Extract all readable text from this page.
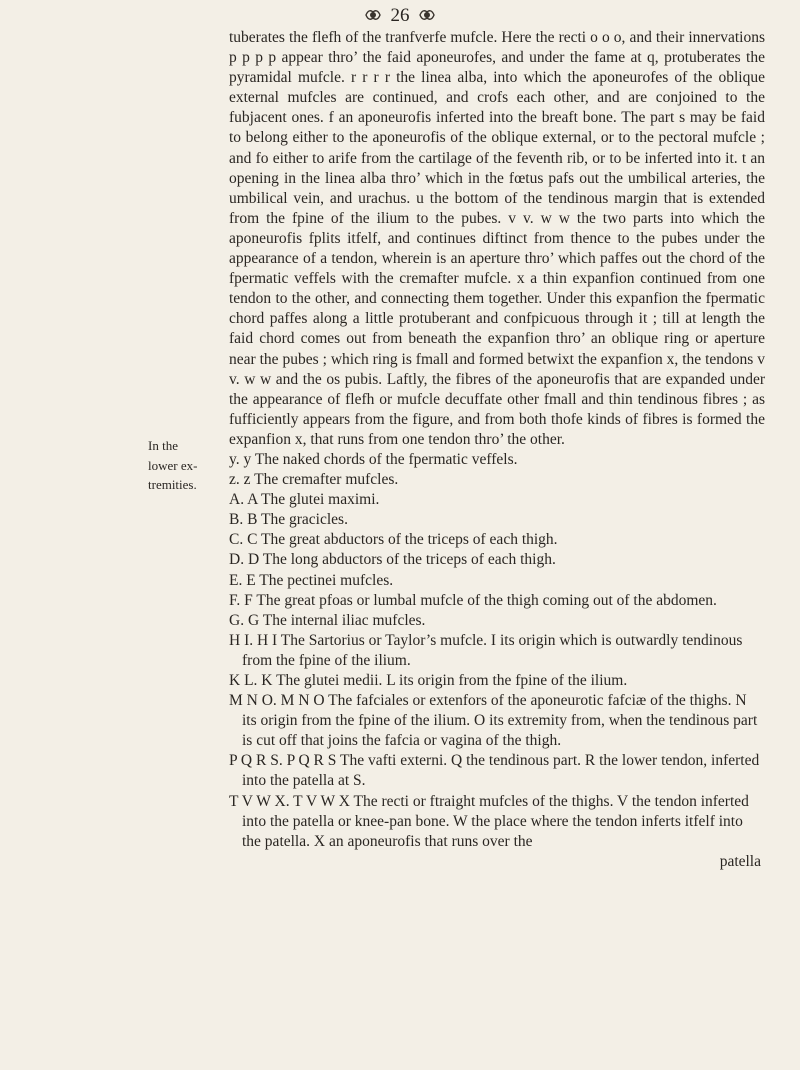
26
In the
lower ex-
tremities.
tuberates the flefh of the tranfverfe mufcle. Here the recti o o o, and their innervations p p p p appear thro’ the faid aponeurofes, and under the fame at q, protuberates the pyramidal mufcle. r r r r the linea alba, into which the aponeurofes of the oblique external mufcles are continued, and crofs each other, and are conjoined to the fubjacent ones. f an aponeurofis inferted into the breaft bone. The part s may be faid to belong either to the aponeurofis of the oblique external, or to the pectoral mufcle ; and fo either to arife from the cartilage of the feventh rib, or to be inferted into it. t an opening in the linea alba thro’ which in the fœtus pafs out the umbilical arteries, the umbilical vein, and urachus. u the bottom of the tendinous margin that is extended from the fpine of the ilium to the pubes. v v. w w the two parts into which the aponeurofis fplits itfelf, and continues diftinct from thence to the pubes under the appearance of a tendon, wherein is an aperture thro’ which paffes out the chord of the fpermatic veffels with the cremafter mufcle. x a thin expanfion continued from one tendon to the other, and connecting them together. Under this expanfion the fpermatic chord paffes along a little protuberant and confpicuous through it ; till at length the faid chord comes out from beneath the expanfion thro’ an oblique ring or aperture near the pubes ; which ring is fmall and formed betwixt the expanfion x, the tendons v v. w w and the os pubis. Laftly, the fibres of the aponeurofis that are expanded under the appearance of flefh or mufcle decuffate other fmall and thin tendinous fibres ; as fufficiently appears from the figure, and from both thofe kinds of fibres is formed the expanfion x, that runs from one tendon thro’ the other.
y. y The naked chords of the fpermatic veffels.
z. z The cremafter mufcles.
A. A The glutei maximi.
B. B The gracicles.
C. C The great abductors of the triceps of each thigh.
D. D The long abductors of the triceps of each thigh.
E. E The pectinei mufcles.
F. F The great pfoas or lumbal mufcle of the thigh coming out of the abdomen.
G. G The internal iliac mufcles.
H I. H I The Sartorius or Taylor’s mufcle. I its origin which is outwardly tendinous from the fpine of the ilium.
K L. K The glutei medii. L its origin from the fpine of the ilium.
M N O. M N O The fafciales or extenfors of the aponeurotic fafciæ of the thighs. N its origin from the fpine of the ilium. O its extremity from, when the tendinous part is cut off that joins the fafcia or vagina of the thigh.
P Q R S. P Q R S The vafti externi. Q the tendinous part. R the lower tendon, inferted into the patella at S.
T V W X. T V W X The recti or ftraight mufcles of the thighs. V the tendon inferted into the patella or knee-pan bone. W the place where the tendon inferts itfelf into the patella. X an aponeurofis that runs over the
patella
